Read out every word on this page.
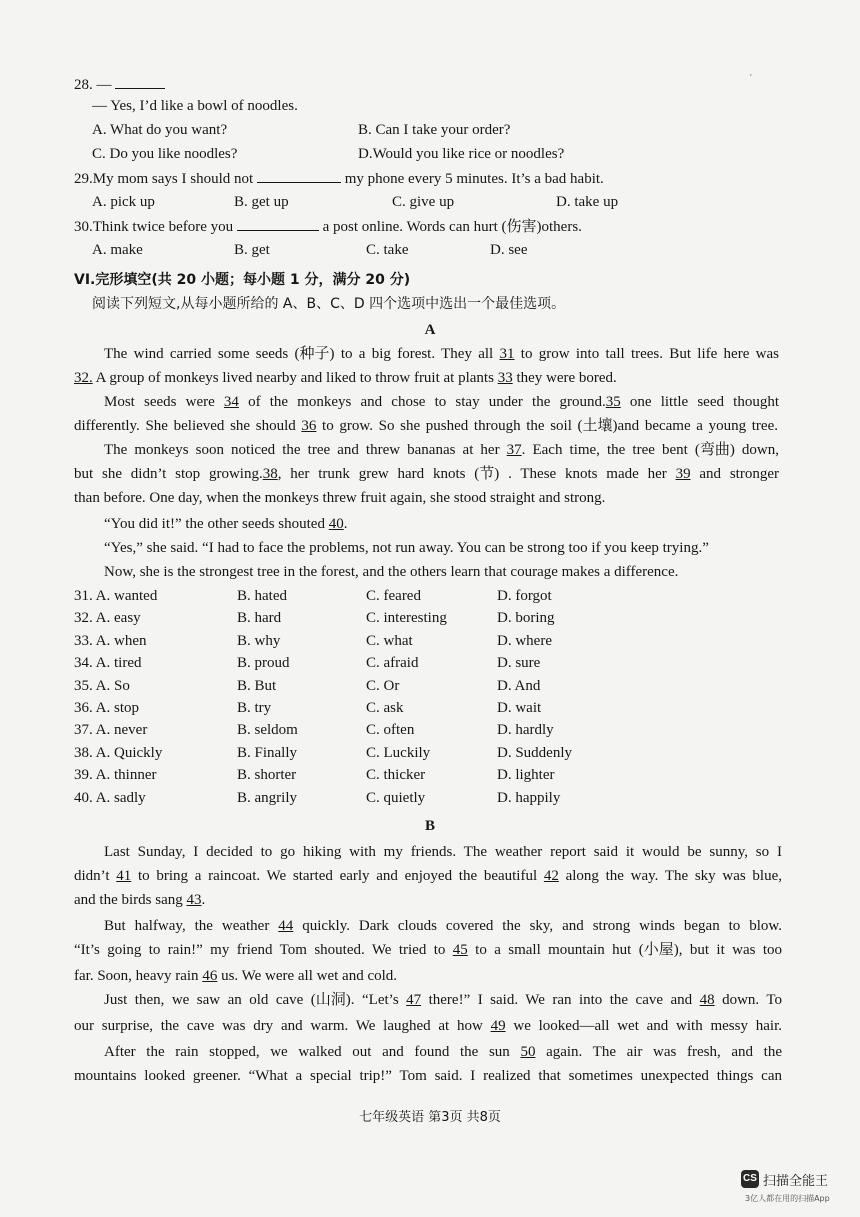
28. —
— Yes, I’d like a bowl of noodles.
A. What do you want?	B. Can I take your order?
C. Do you like noodles?	D.Would you like rice or noodles?
29.My mom says I should not	my phone every 5 minutes. It’s a bad habit.
A. pick up	B. get up	C. give up	D. take up
30.Think twice before you	a post online. Words can hurt (伤害)others.
A. make	B. get	C. take	D. see
VI.完形填空(共 20 小题；每小题 1 分，满分 20 分)
阅读下列短文,从每小题所给的 A、B、C、D 四个选项中选出一个最佳选项。
A
The wind carried some seeds (种子) to a big forest. They all 31 to grow into tall trees. But life here was
32. A group of monkeys lived nearby and liked to throw fruit at plants 33 they were bored.
Most seeds were 34 of the monkeys and chose to stay under the ground.35 one little seed thought
differently. She believed she should 36 to grow. So she pushed through the soil (土壤)and became a young tree.
The monkeys soon noticed the tree and threw bananas at her 37. Each time, the tree bent (弯曲) down,
but she didn’t stop growing.38, her trunk grew hard knots (节) . These knots made her 39 and stronger
than before. One day, when the monkeys threw fruit again, she stood straight and strong.
“You did it!” the other seeds shouted 40.
“Yes,” she said. “I had to face the problems, not run away. You can be strong too if you keep trying.”
Now, she is the strongest tree in the forest, and the others learn that courage makes a difference.
31. A. wanted	B. hated	C. feared	D. forgot
32. A. easy	B. hard	C. interesting	D. boring
33. A. when	B. why	C. what	D. where
34. A. tired	B. proud	C. afraid	D. sure
35. A. So	B. But	C. Or	D. And
36. A. stop	B. try	C. ask	D. wait
37. A. never	B. seldom	C. often	D. hardly
38. A. Quickly	B. Finally	C. Luckily	D. Suddenly
39. A. thinner	B. shorter	C. thicker	D. lighter
40. A. sadly	B. angrily	C. quietly	D. happily
B
Last Sunday, I decided to go hiking with my friends. The weather report said it would be sunny, so I
didn’t 41 to bring a raincoat. We started early and enjoyed the beautiful 42 along the way. The sky was blue,
and the birds sang 43.
But halfway, the weather 44 quickly. Dark clouds covered the sky, and strong winds began to blow.
“It’s going to rain!” my friend Tom shouted. We tried to 45 to a small mountain hut (小屋), but it was too
far. Soon, heavy rain 46 us. We were all wet and cold.
Just then, we saw an old cave (山洞). “Let’s 47 there!” I said. We ran into the cave and 48 down. To
our surprise, the cave was dry and warm. We laughed at how 49 we looked—all wet and with messy hair.
After the rain stopped, we walked out and found the sun 50 again. The air was fresh, and the
mountains looked greener. “What a special trip!” Tom said. I realized that sometimes unexpected things can
七年级英语 第3页 共8页
'
CS 扫描全能王
3亿人都在用的扫描App
